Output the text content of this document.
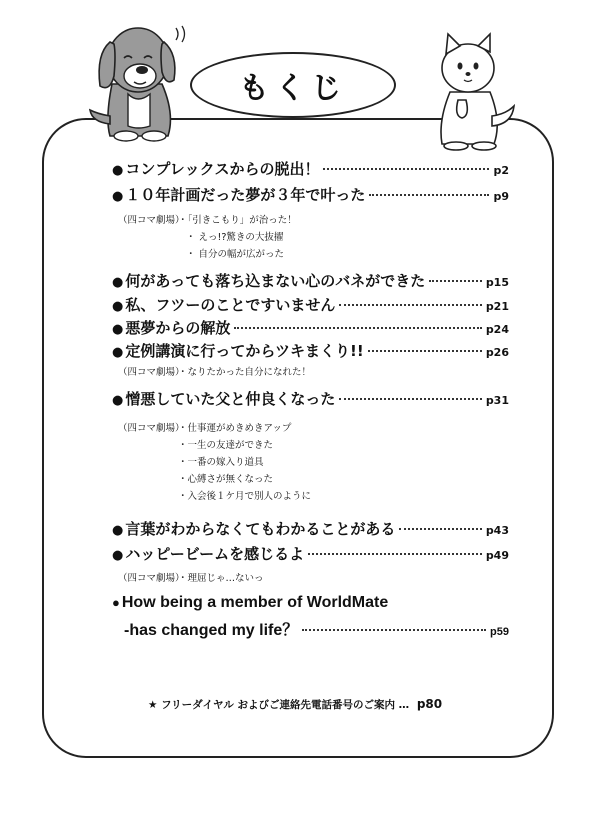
もくじ
● コンプレックスからの脱出！	p2
● １０年計画だった夢が３年で叶った	p9
（四コマ劇場）
・「引きこもり」が治った！
・ えっ!?驚きの大抜擢
・ 自分の幅が広がった
● 何があっても落ち込まない心のバネができた	p15
● 私、フツーのことですいません	p21
● 悪夢からの解放	p24
● 定例講演に行ってからツキまくり!!	p26
（四コマ劇場）
・なりたかった自分になれた！
● 憎悪していた父と仲良くなった	p31
（四コマ劇場）
・仕事運がめきめきアップ
・一生の友達ができた
・一番の嫁入り道具
・心縛さが無くなった
・入会後１ケ月で別人のように
● 言葉がわからなくてもわかることがある	p43
● ハッピービームを感じるよ	p49
（四コマ劇場）
・理屈じゃ…ないっ
● How being a member of WorldMate
-has changed my life？	p59
★ フリーダイヤル およびご連絡先電話番号のご案内 … p80
